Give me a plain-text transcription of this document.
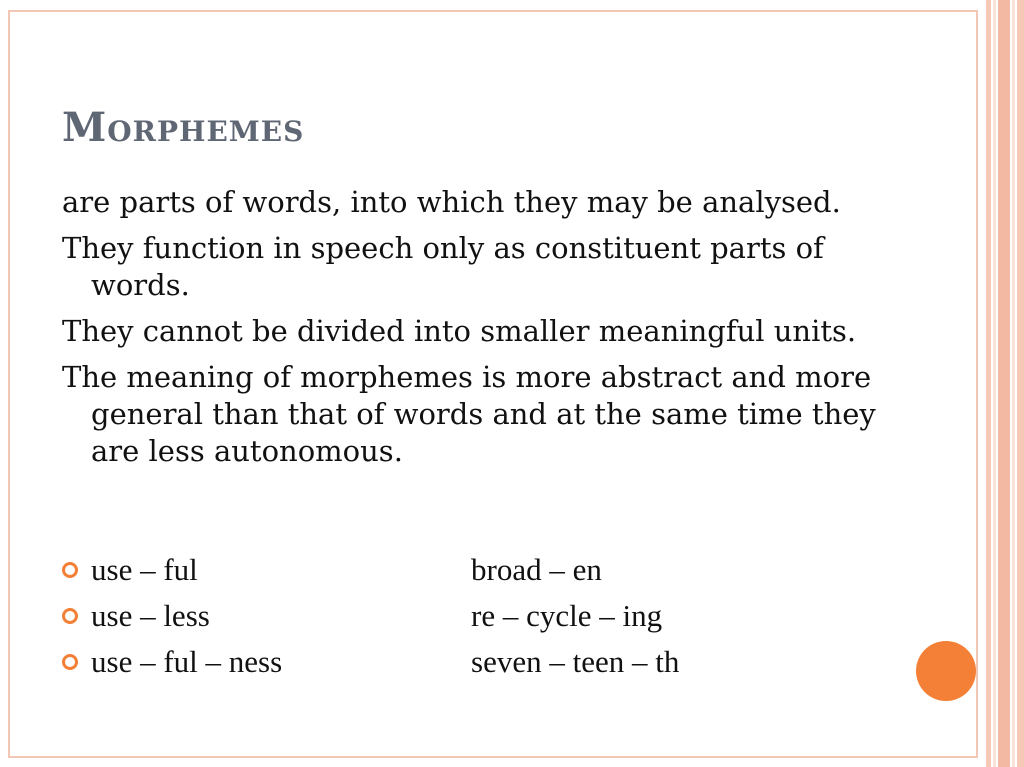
Morphemes

are parts of words, into which they may be analysed.

They function in speech only as constituent parts of words.

They cannot be divided into smaller meaningful units.

The meaning of morphemes is more abstract and more general than that of words and at the same time they are less autonomous.

use – ful	broad – en
use – less	re – cycle – ing
use – ful – ness	seven – teen – th
